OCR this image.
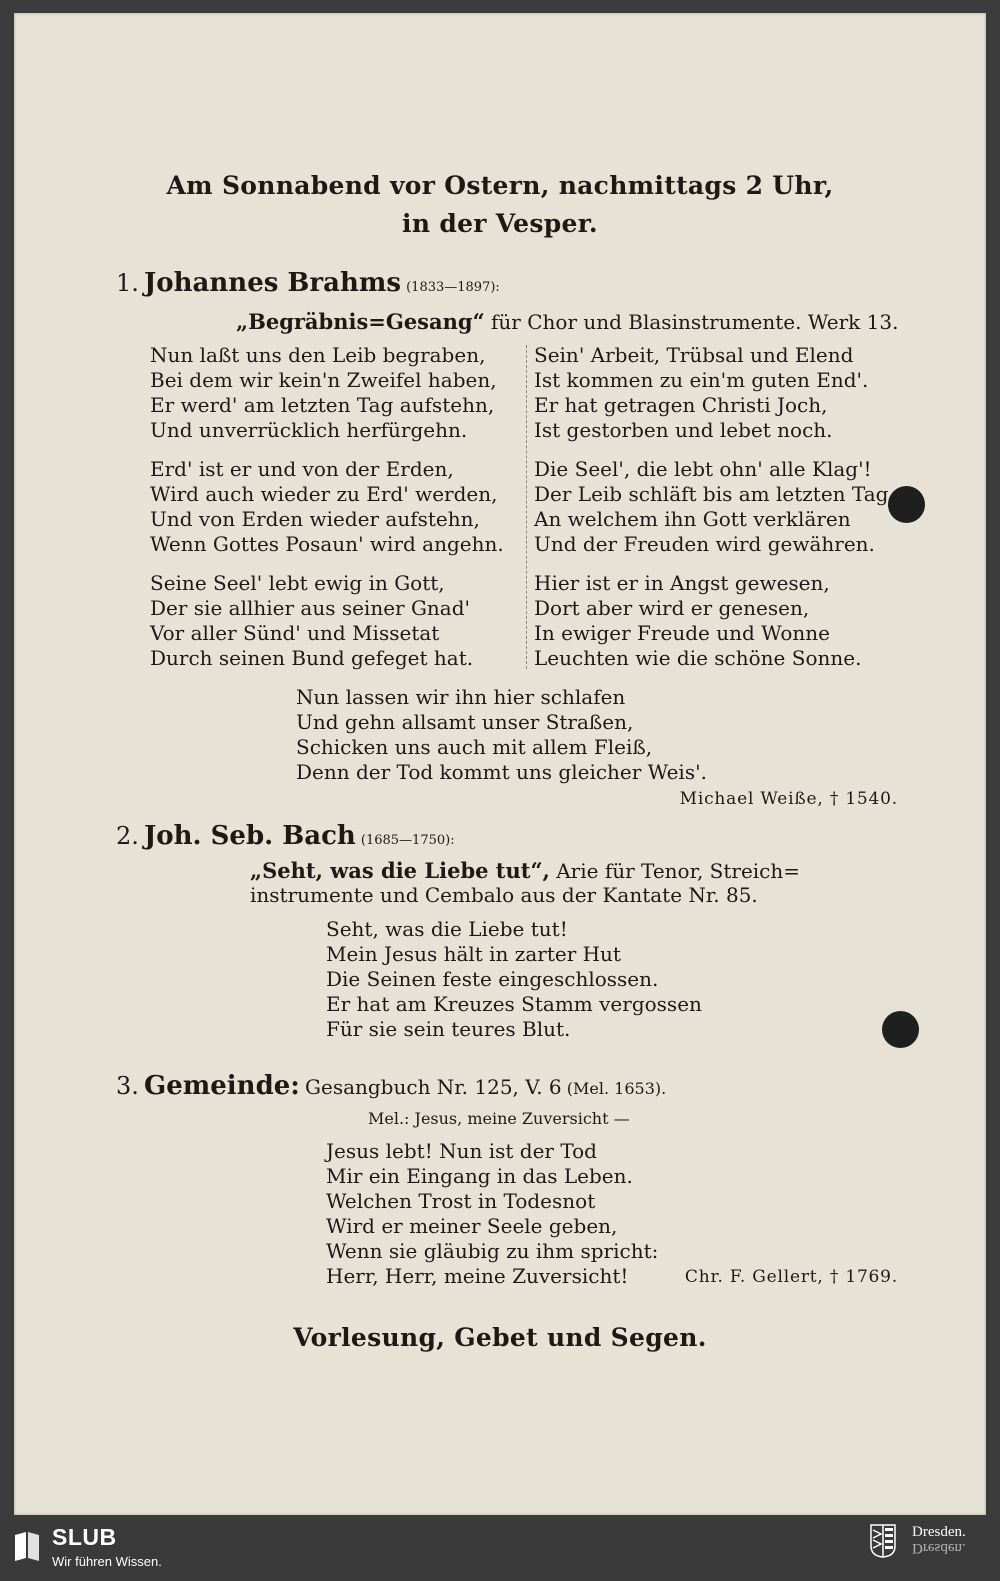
Am Sonnabend vor Ostern, nachmittags 2 Uhr,
in der Vesper.
1. Johannes Brahms (1833—1897):
„Begräbnis=Gesang“ für Chor und Blasinstrumente. Werk 13.
Nun laßt uns den Leib begraben,
Bei dem wir kein'n Zweifel haben,
Er werd' am letzten Tag aufstehn,
Und unverrücklich herfürgehn.
Sein' Arbeit, Trübsal und Elend
Ist kommen zu ein'm guten End'.
Er hat getragen Christi Joch,
Ist gestorben und lebet noch.
Erd' ist er und von der Erden,
Wird auch wieder zu Erd' werden,
Und von Erden wieder aufstehn,
Wenn Gottes Posaun' wird angehn.
Die Seel', die lebt ohn' alle Klag'!
Der Leib schläft bis am letzten Tag,
An welchem ihn Gott verklären
Und der Freuden wird gewähren.
Seine Seel' lebt ewig in Gott,
Der sie allhier aus seiner Gnad'
Vor aller Sünd' und Missetat
Durch seinen Bund gefeget hat.
Hier ist er in Angst gewesen,
Dort aber wird er genesen,
In ewiger Freude und Wonne
Leuchten wie die schöne Sonne.
Nun lassen wir ihn hier schlafen
Und gehn allsamt unser Straßen,
Schicken uns auch mit allem Fleiß,
Denn der Tod kommt uns gleicher Weis'.
Michael Weiße, † 1540.
2. Joh. Seb. Bach (1685—1750):
„Seht, was die Liebe tut“, Arie für Tenor, Streich=
instrumente und Cembalo aus der Kantate Nr. 85.
Seht, was die Liebe tut!
Mein Jesus hält in zarter Hut
Die Seinen feste eingeschlossen.
Er hat am Kreuzes Stamm vergossen
Für sie sein teures Blut.
3. Gemeinde: Gesangbuch Nr. 125, V. 6 (Mel. 1653).
Mel.: Jesus, meine Zuversicht —
Jesus lebt! Nun ist der Tod
Mir ein Eingang in das Leben.
Welchen Trost in Todesnot
Wird er meiner Seele geben,
Wenn sie gläubig zu ihm spricht:
Herr, Herr, meine Zuversicht!	Chr. F. Gellert, † 1769.
Vorlesung, Gebet und Segen.
SLUB
Wir führen Wissen.
Dresden.
Dresden.
